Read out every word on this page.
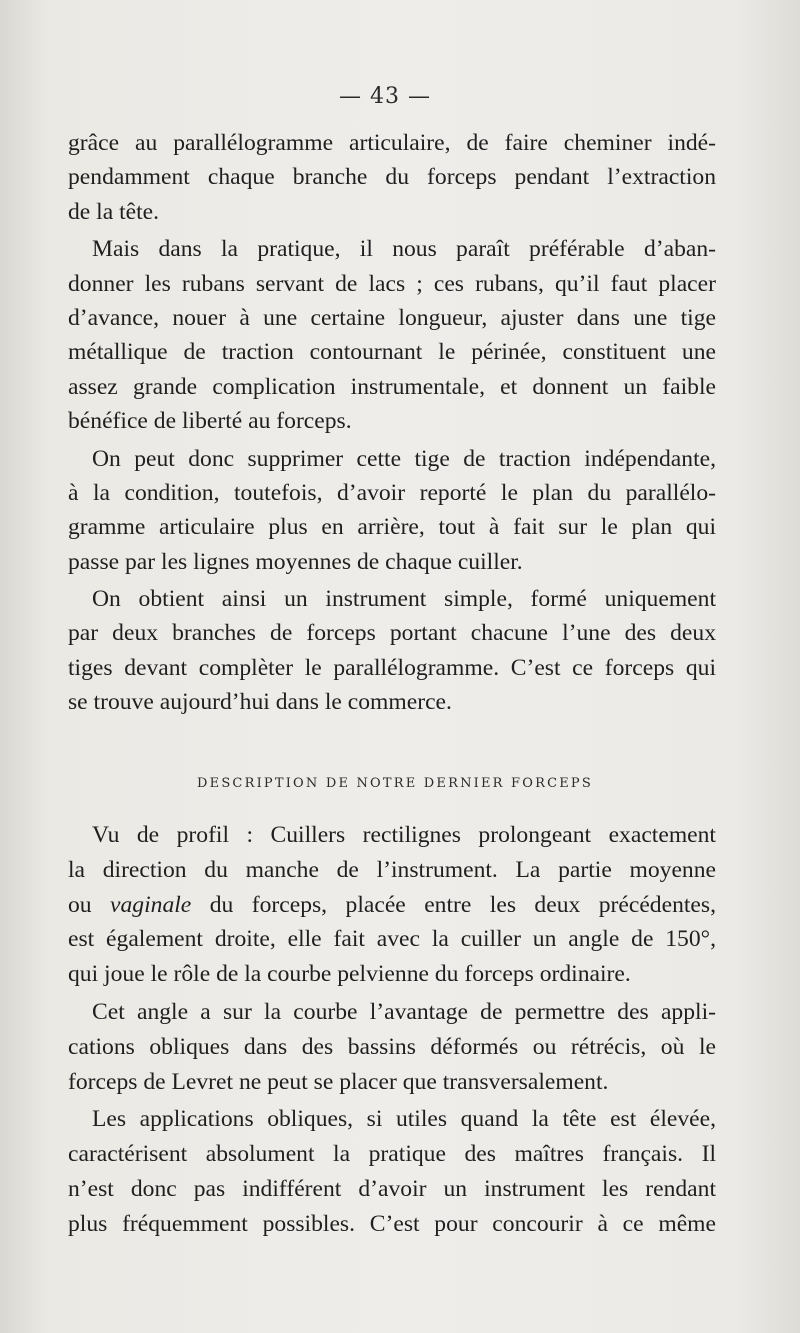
— 43 —
grâce au parallélogramme articulaire, de faire cheminer indé-
pendamment chaque branche du forceps pendant l’extraction
de la tête.
Mais dans la pratique, il nous paraît préférable d’aban-
donner les rubans servant de lacs ; ces rubans, qu’il faut placer
d’avance, nouer à une certaine longueur, ajuster dans une tige
métallique de traction contournant le périnée, constituent une
assez grande complication instrumentale, et donnent un faible
bénéfice de liberté au forceps.
On peut donc supprimer cette tige de traction indépendante,
à la condition, toutefois, d’avoir reporté le plan du parallélo-
gramme articulaire plus en arrière, tout à fait sur le plan qui
passe par les lignes moyennes de chaque cuiller.
On obtient ainsi un instrument simple, formé uniquement
par deux branches de forceps portant chacune l’une des deux
tiges devant complèter le parallélogramme. C’est ce forceps qui
se trouve aujourd’hui dans le commerce.
DESCRIPTION DE NOTRE DERNIER FORCEPS
Vu de profil : Cuillers rectilignes prolongeant exactement
la direction du manche de l’instrument. La partie moyenne
ou vaginale du forceps, placée entre les deux précédentes,
est également droite, elle fait avec la cuiller un angle de 150°,
qui joue le rôle de la courbe pelvienne du forceps ordinaire.
Cet angle a sur la courbe l’avantage de permettre des appli-
cations obliques dans des bassins déformés ou rétrécis, où le
forceps de Levret ne peut se placer que transversalement.
Les applications obliques, si utiles quand la tête est élevée,
caractérisent absolument la pratique des maîtres français. Il
n’est donc pas indifférent d’avoir un instrument les rendant
plus fréquemment possibles. C’est pour concourir à ce même
